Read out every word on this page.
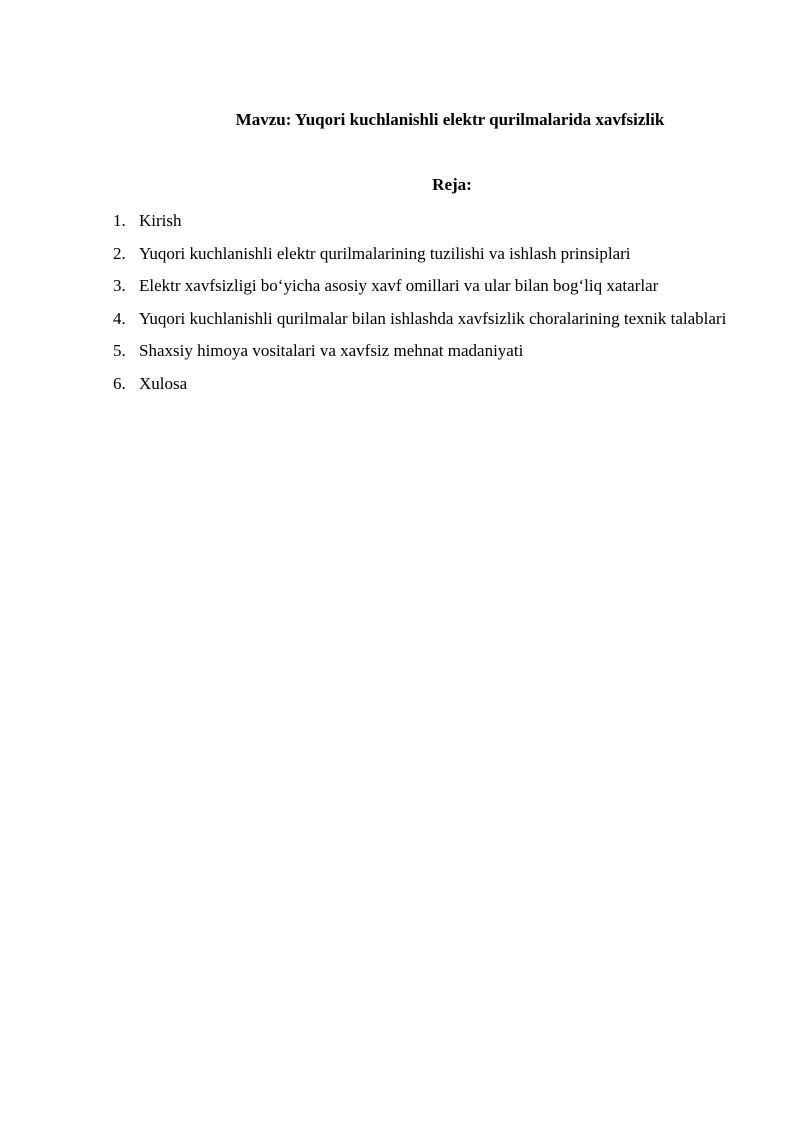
Mavzu: Yuqori kuchlanishli elektr qurilmalarida xavfsizlik
Reja:
1. Kirish
2. Yuqori kuchlanishli elektr qurilmalarining tuzilishi va ishlash prinsiplari
3. Elektr xavfsizligi bo‘yicha asosiy xavf omillari va ular bilan bog‘liq xatarlar
4. Yuqori kuchlanishli qurilmalar bilan ishlashda xavfsizlik choralarining texnik talablari
5. Shaxsiy himoya vositalari va xavfsiz mehnat madaniyati
6. Xulosa
